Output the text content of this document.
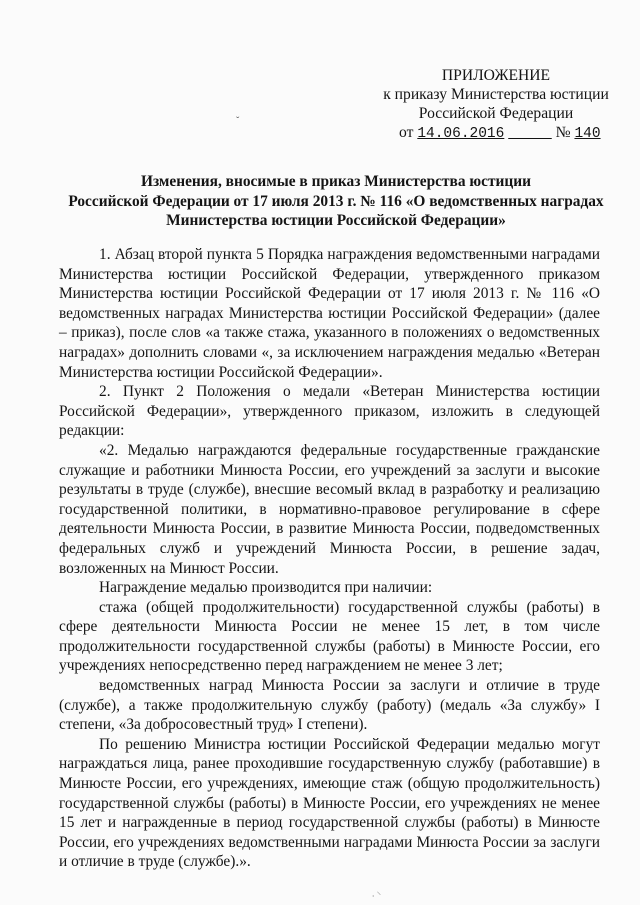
ПРИЛОЖЕНИЕ
к приказу Министерства юстиции
Российской Федерации
от 14.06.2016	№ 140
ˇ
Изменения, вносимые в приказ Министерства юстиции
Российской Федерации от 17 июля 2013 г. № 116 «О ведомственных наградах
Министерства юстиции Российской Федерации»

1. Абзац второй пункта 5 Порядка награждения ведомственными наградами Министерства юстиции Российской Федерации, утвержденного приказом Министерства юстиции Российской Федерации от 17 июля 2013 г. № 116 «О ведомственных наградах Министерства юстиции Российской Федерации» (далее – приказ), после слов «а также стажа, указанного в положениях о ведомственных наградах» дополнить словами «, за исключением награждения медалью «Ветеран Министерства юстиции Российской Федерации».

2. Пункт 2 Положения о медали «Ветеран Министерства юстиции Российской Федерации», утвержденного приказом, изложить в следующей редакции:

«2. Медалью награждаются федеральные государственные гражданские служащие и работники Минюста России, его учреждений за заслуги и высокие результаты в труде (службе), внесшие весомый вклад в разработку и реализацию государственной политики, в нормативно-правовое регулирование в сфере деятельности Минюста России, в развитие Минюста России, подведомственных федеральных служб и учреждений Минюста России, в решение задач, возложенных на Минюст России.

Награждение медалью производится при наличии:

стажа (общей продолжительности) государственной службы (работы) в сфере деятельности Минюста России не менее 15 лет, в том числе продолжительности государственной службы (работы) в Минюсте России, его учреждениях непосредственно перед награждением не менее 3 лет;

ведомственных наград Минюста России за заслуги и отличие в труде (службе), а также продолжительную службу (работу) (медаль «За службу» I степени, «За добросовестный труд» I степени).

По решению Министра юстиции Российской Федерации медалью могут награждаться лица, ранее проходившие государственную службу (работавшие) в Минюсте России, его учреждениях, имеющие стаж (общую продолжительность) государственной службы (работы) в Минюсте России, его учреждениях не менее 15 лет и награжденные в период государственной службы (работы) в Минюсте России, его учреждениях ведомственными наградами Минюста России за заслуги и отличие в труде (службе).».

⸳ ⸌
